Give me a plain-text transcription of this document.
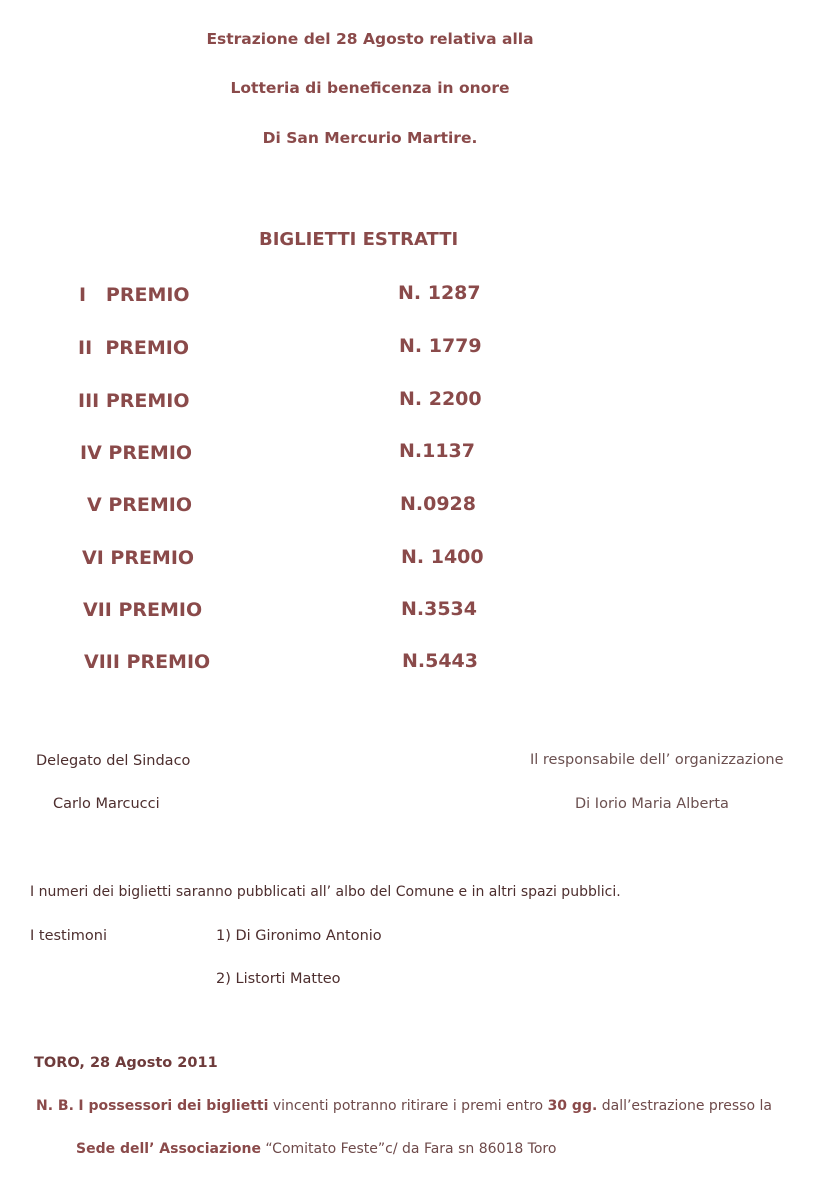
Estrazione del 28 Agosto relativa alla
Lotteria di beneficenza in onore
Di San Mercurio Martire.
BIGLIETTI ESTRATTI
I   PREMIO	N. 1287
II  PREMIO	N. 1779
III PREMIO	N. 2200
IV PREMIO	N.1137
V PREMIO	N.0928
VI PREMIO	N. 1400
VII PREMIO	N.3534
VIII PREMIO	N.5443
Delegato del Sindaco
Carlo Marcucci
Il responsabile dell’ organizzazione
Di Iorio Maria Alberta
I numeri dei biglietti saranno pubblicati all’ albo del Comune e in altri spazi pubblici.
I testimoni	1) Di Gironimo Antonio
2) Listorti Matteo
TORO, 28 Agosto 2011
N. B. I possessori dei biglietti vincenti potranno ritirare i premi entro 30 gg. dall’estrazione presso la
Sede dell’ Associazione “Comitato Feste”c/ da Fara sn 86018 Toro
